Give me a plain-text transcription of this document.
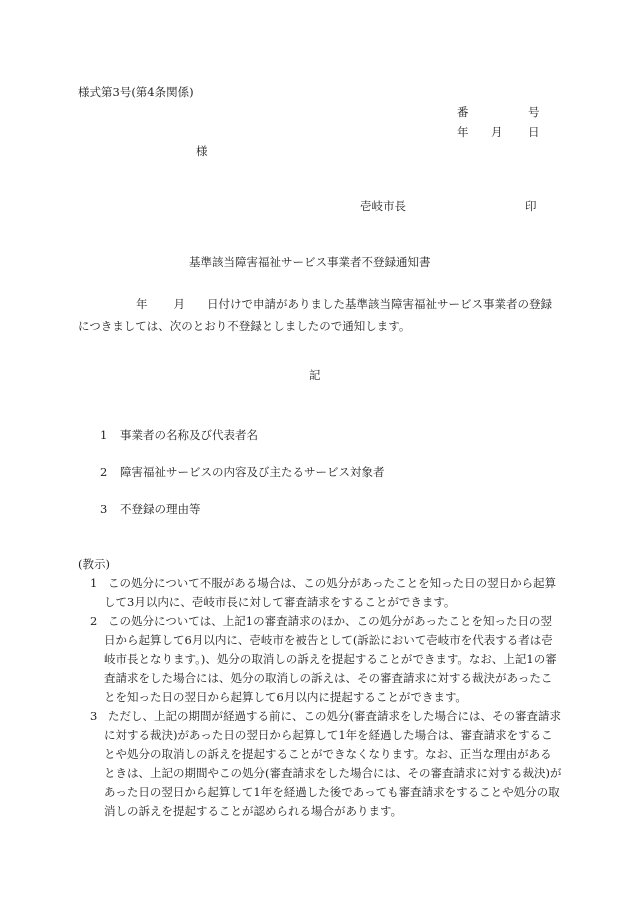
様式第3号(第4条関係)
番	号
年 月 日
様
壱岐市長	印
基準該当障害福祉サービス事業者不登録通知書
年 月 日付けで申請がありました基準該当障害福祉サービス事業者の登録につきましては、次のとおり不登録としましたので通知します。
記
1 事業者の名称及び代表者名
2 障害福祉サービスの内容及び主たるサービス対象者
3 不登録の理由等
(教示)
1 この処分について不服がある場合は、この処分があったことを知った日の翌日から起算して3月以内に、壱岐市長に対して審査請求をすることができます。
2 この処分については、上記1の審査請求のほか、この処分があったことを知った日の翌日から起算して6月以内に、壱岐市を被告として(訴訟において壱岐市を代表する者は壱岐市長となります。)、処分の取消しの訴えを提起することができます。なお、上記1の審査請求をした場合には、処分の取消しの訴えは、その審査請求に対する裁決があったことを知った日の翌日から起算して6月以内に提起することができます。
3 ただし、上記の期間が経過する前に、この処分(審査請求をした場合には、その審査請求に対する裁決)があった日の翌日から起算して1年を経過した場合は、審査請求をすることや処分の取消しの訴えを提起することができなくなります。なお、正当な理由があるときは、上記の期間やこの処分(審査請求をした場合には、その審査請求に対する裁決)があった日の翌日から起算して1年を経過した後であっても審査請求をすることや処分の取消しの訴えを提起することが認められる場合があります。
